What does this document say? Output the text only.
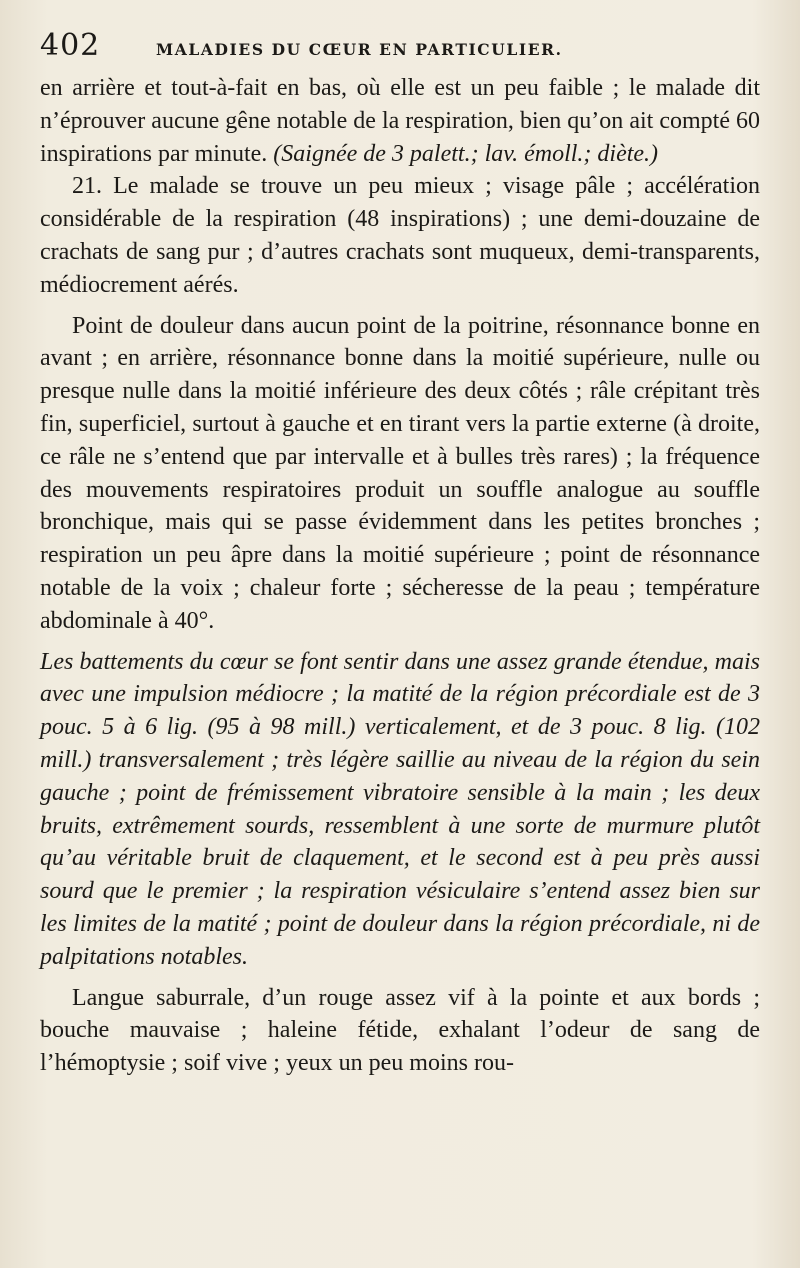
402	MALADIES DU CŒUR EN PARTICULIER.

en arrière et tout-à-fait en bas, où elle est un peu faible ; le malade dit n’éprouver aucune gêne notable de la respiration, bien qu’on ait compté 60 inspirations par minute. (Saignée de 3 palett.; lav. émoll.; diète.)

21. Le malade se trouve un peu mieux ; visage pâle ; accélération considérable de la respiration (48 inspirations) ; une demi-douzaine de crachats de sang pur ; d’autres crachats sont muqueux, demi-transparents, médiocrement aérés.

Point de douleur dans aucun point de la poitrine, résonnance bonne en avant ; en arrière, résonnance bonne dans la moitié supérieure, nulle ou presque nulle dans la moitié inférieure des deux côtés ; râle crépitant très fin, superficiel, surtout à gauche et en tirant vers la partie externe (à droite, ce râle ne s’entend que par intervalle et à bulles très rares) ; la fréquence des mouvements respiratoires produit un souffle analogue au souffle bronchique, mais qui se passe évidemment dans les petites bronches ; respiration un peu âpre dans la moitié supérieure ; point de résonnance notable de la voix ; chaleur forte ; sécheresse de la peau ; température abdominale à 40°.

Les battements du cœur se font sentir dans une assez grande étendue, mais avec une impulsion médiocre ; la matité de la région précordiale est de 3 pouc. 5 à 6 lig. (95 à 98 mill.) verticalement, et de 3 pouc. 8 lig. (102 mill.) transversalement ; très légère saillie au niveau de la région du sein gauche ; point de frémissement vibratoire sensible à la main ; les deux bruits, extrêmement sourds, ressemblent à une sorte de murmure plutôt qu’au véritable bruit de claquement, et le second est à peu près aussi sourd que le premier ; la respiration vésiculaire s’entend assez bien sur les limites de la matité ; point de douleur dans la région précordiale, ni de palpitations notables.

Langue saburrale, d’un rouge assez vif à la pointe et aux bords ; bouche mauvaise ; haleine fétide, exhalant l’odeur de sang de l’hémoptysie ; soif vive ; yeux un peu moins rou-
